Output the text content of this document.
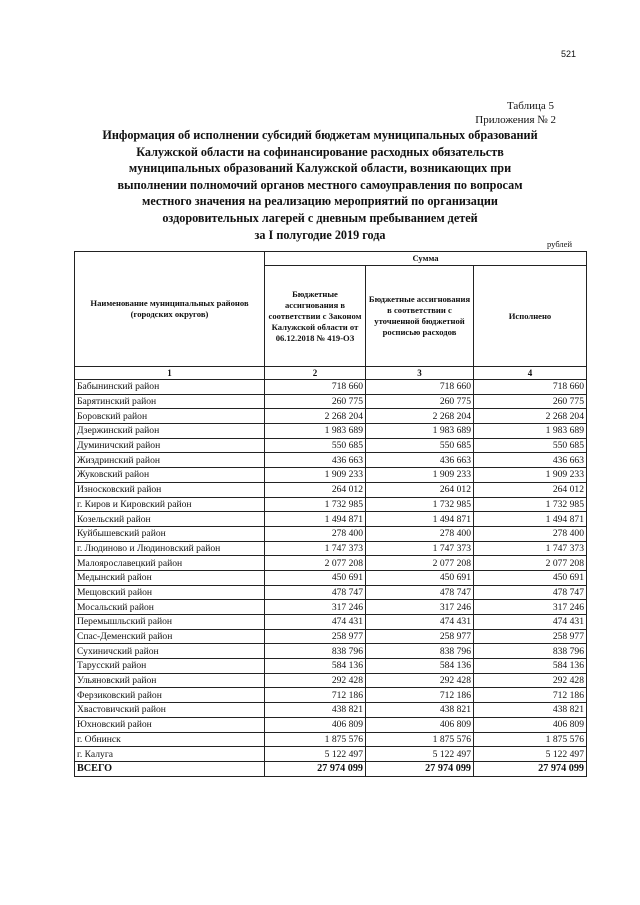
521
Таблица 5
Приложения № 2
Информация об исполнении субсидий бюджетам муниципальных образований
Калужской области на софинансирование расходных обязательств
муниципальных образований Калужской области, возникающих при
выполнении полномочий органов местного самоуправления по вопросам
местного значения на реализацию мероприятий по организации
оздоровительных лагерей с дневным пребыванием детей
за I полугодие 2019 года
рублей
Наименование муниципальных районов (городских округов)	Сумма		
	Бюджетные ассигнования в соответствии с Законом Калужской области от 06.12.2018 № 419-ОЗ	Бюджетные ассигнования в соответствии с уточненной бюджетной росписью расходов	Исполнено
1	2	3	4
Бабынинский район	718 660	718 660	718 660
Барятинский район	260 775	260 775	260 775
Боровский район	2 268 204	2 268 204	2 268 204
Дзержинский район	1 983 689	1 983 689	1 983 689
Думиничский район	550 685	550 685	550 685
Жиздринский район	436 663	436 663	436 663
Жуковский район	1 909 233	1 909 233	1 909 233
Износковский район	264 012	264 012	264 012
г. Киров и Кировский район	1 732 985	1 732 985	1 732 985
Козельский район	1 494 871	1 494 871	1 494 871
Куйбышевский район	278 400	278 400	278 400
г. Людиново и Людиновский район	1 747 373	1 747 373	1 747 373
Малоярославецкий район	2 077 208	2 077 208	2 077 208
Медынский район	450 691	450 691	450 691
Мещовский район	478 747	478 747	478 747
Мосальский район	317 246	317 246	317 246
Перемышльский район	474 431	474 431	474 431
Спас-Деменский район	258 977	258 977	258 977
Сухиничский район	838 796	838 796	838 796
Тарусский район	584 136	584 136	584 136
Ульяновский район	292 428	292 428	292 428
Ферзиковский район	712 186	712 186	712 186
Хвастовичский район	438 821	438 821	438 821
Юхновский район	406 809	406 809	406 809
г. Обнинск	1 875 576	1 875 576	1 875 576
г. Калуга	5 122 497	5 122 497	5 122 497
ВСЕГО	27 974 099	27 974 099	27 974 099
